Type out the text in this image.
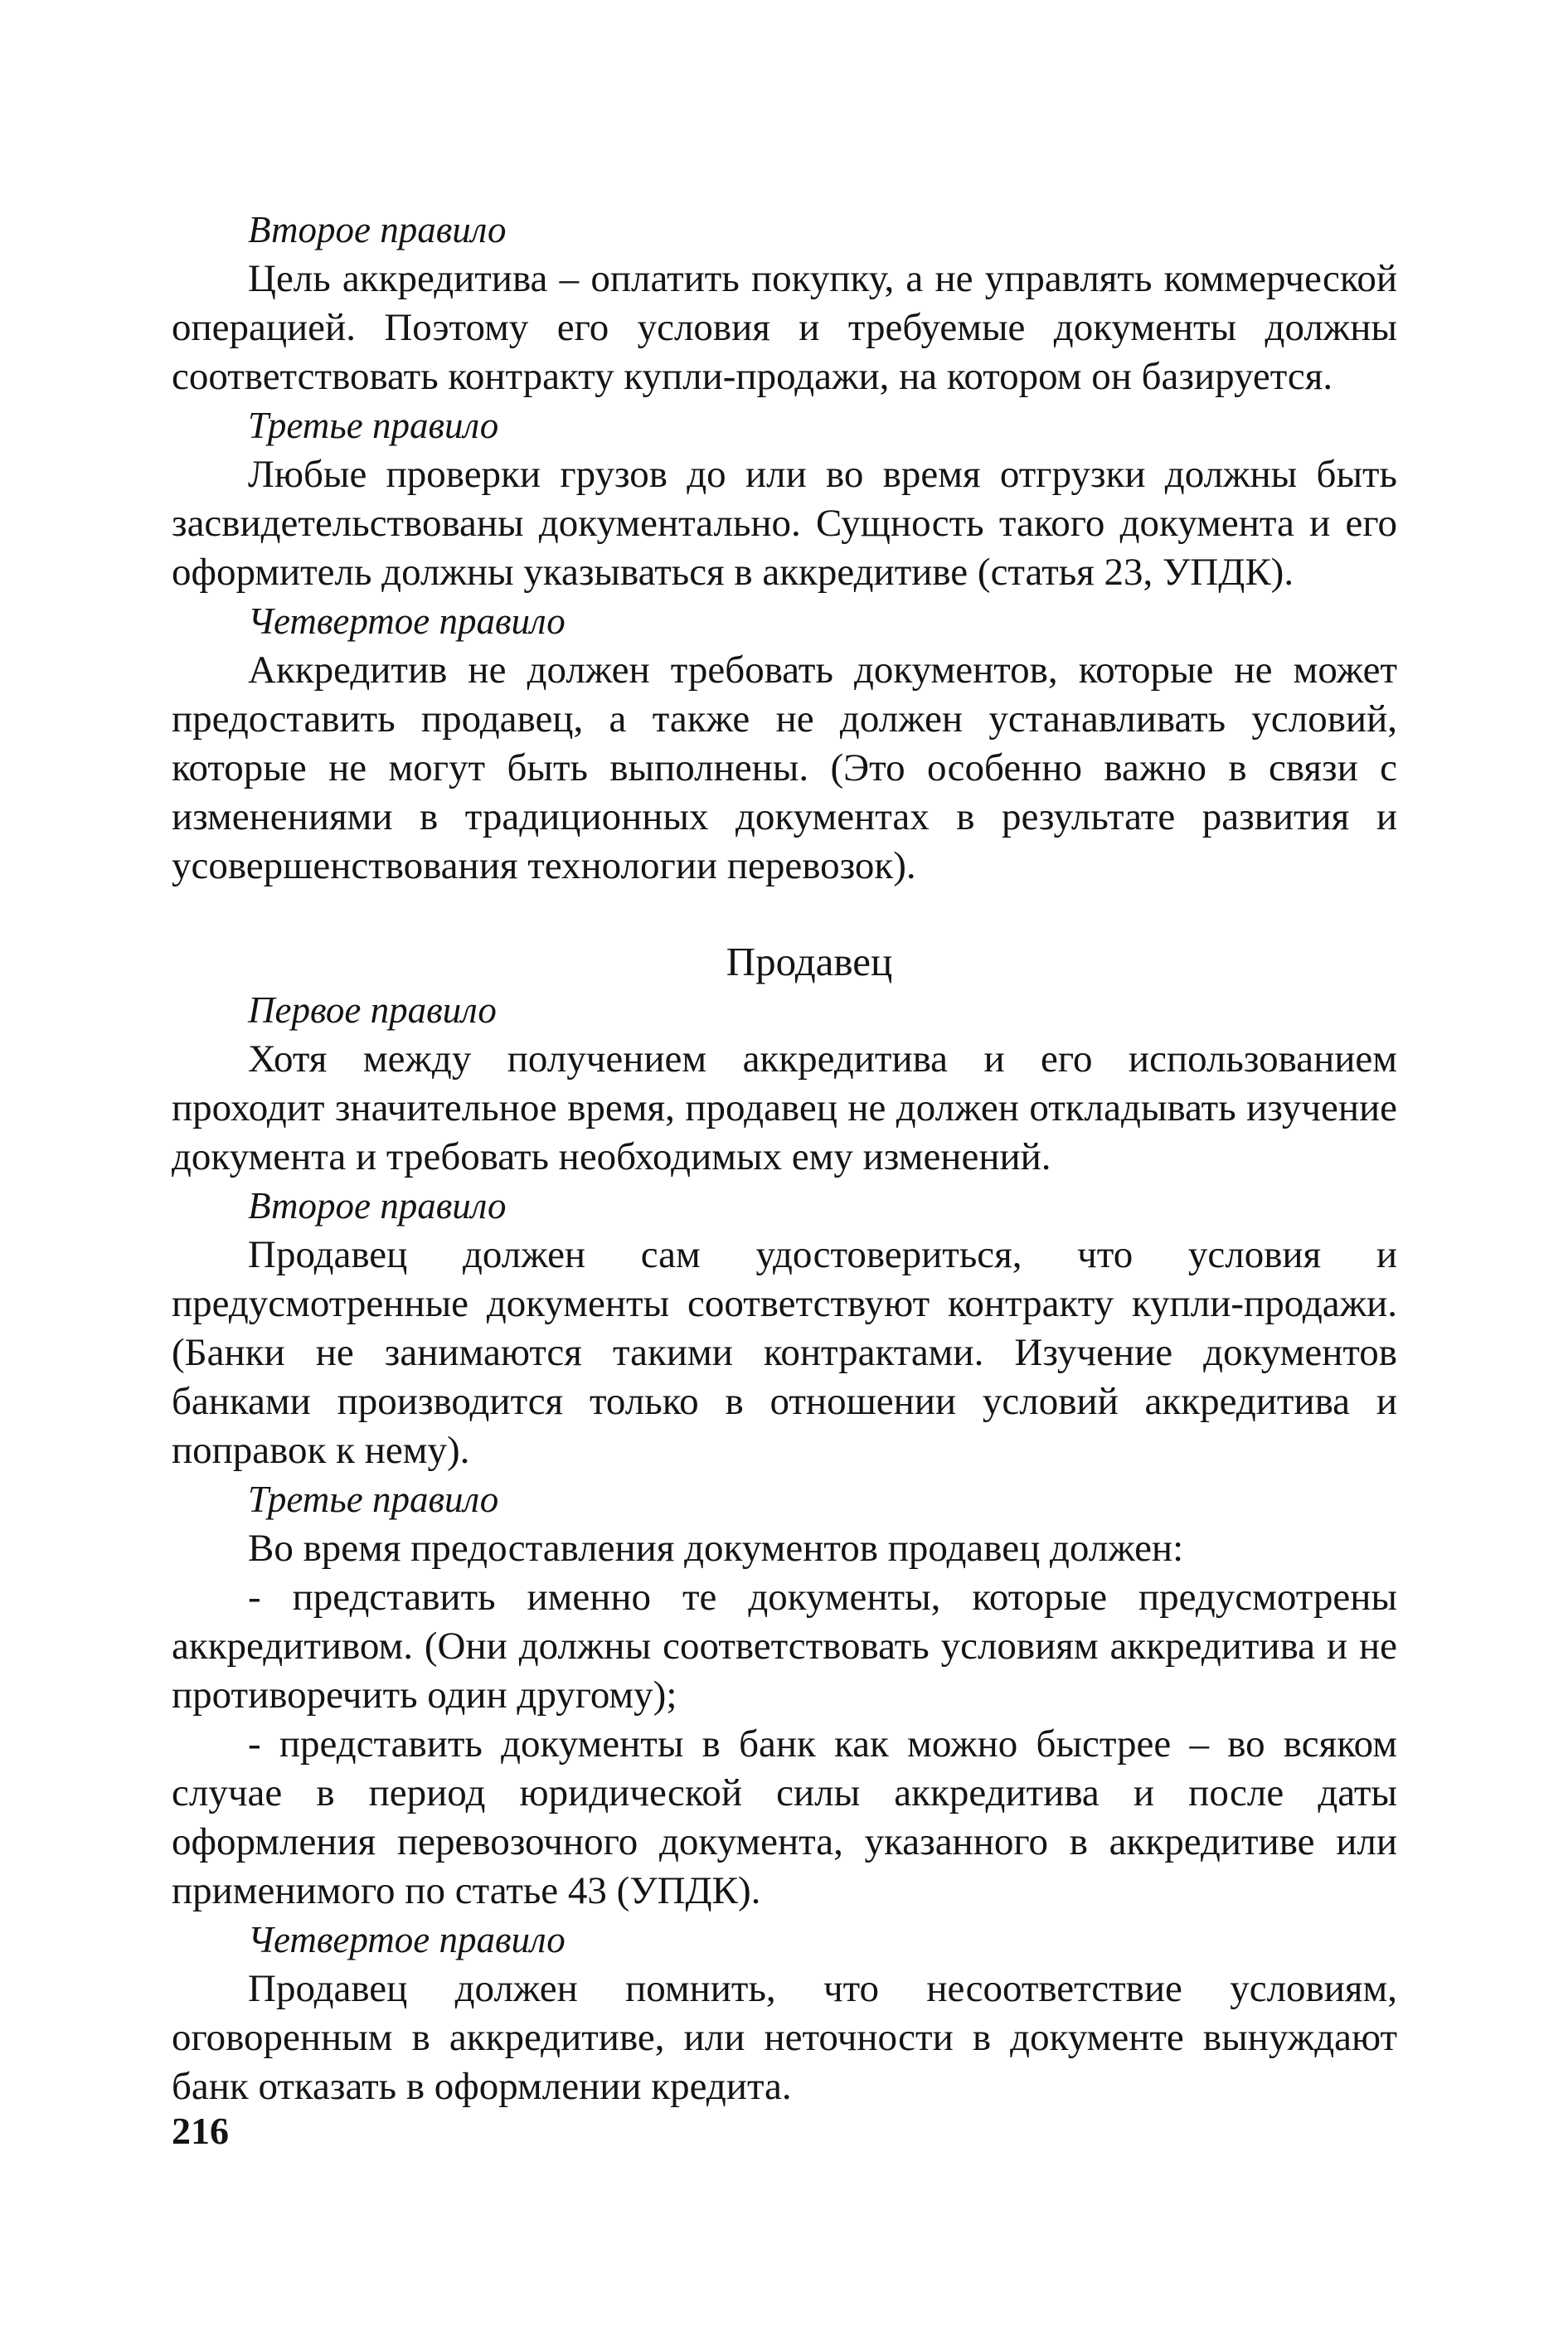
Второе правило

Цель аккредитива – оплатить покупку, а не управлять коммерческой операцией. Поэтому его условия и требуемые документы должны соответствовать контракту купли-продажи, на котором он базируется.

Третье правило

Любые проверки грузов до или во время отгрузки должны быть засвидетельствованы документально. Сущность такого документа и его оформитель должны указываться в аккредитиве (статья 23, УПДК).

Четвертое правило

Аккредитив не должен требовать документов, которые не может предоставить продавец, а также не должен устанавливать условий, которые не могут быть выполнены. (Это особенно важно в связи с изменениями в традиционных документах в результате развития и усовершенствования технологии перевозок).

Продавец

Первое правило

Хотя между получением аккредитива и его использованием проходит значительное время, продавец не должен откладывать изучение документа и требовать необходимых ему изменений.

Второе правило

Продавец должен сам удостовериться, что условия и предусмотренные документы соответствуют контракту купли-продажи. (Банки не занимаются такими контрактами. Изучение документов банками производится только в отношении условий аккредитива и поправок к нему).

Третье правило

Во время предоставления документов продавец должен:

- представить именно те документы, которые предусмотрены аккредитивом. (Они должны соответствовать условиям аккредитива и не противоречить один другому);

- представить документы в банк как можно быстрее – во всяком случае в период юридической силы аккредитива и после даты оформления перевозочного документа, указанного в аккредитиве или применимого по статье 43 (УПДК).

Четвертое правило

Продавец должен помнить, что несоответствие условиям, оговоренным в аккредитиве, или неточности в документе вынуждают банк отказать в оформлении кредита.

216
